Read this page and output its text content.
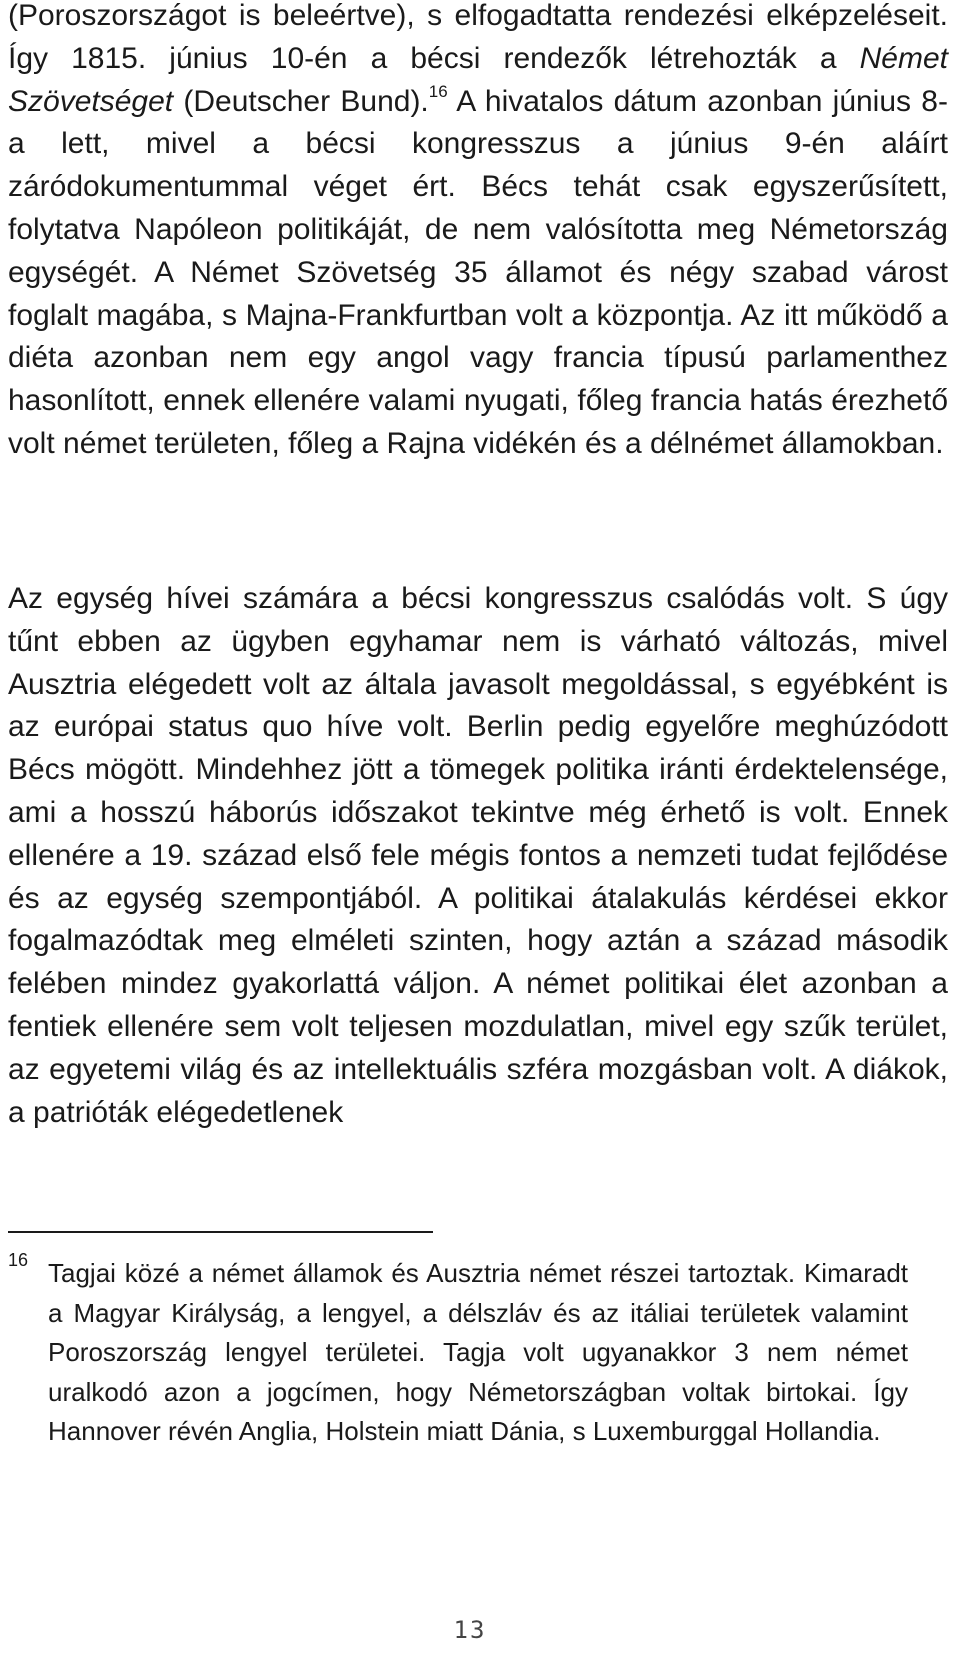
(Poroszországot is beleértve), s elfogadtatta rendezési elképzeléseit. Így 1815. június 10-én a bécsi rendezők létrehozták a Német Szövetséget (Deutscher Bund).$^{16}$ A hivatalos dátum azonban június 8-a lett, mivel a bécsi kongresszus a június 9-én aláírt záródokumentummal véget ért. Bécs tehát csak egyszerűsített, folytatva Napóleon politikáját, de nem valósította meg Németország egységét. A Német Szövetség 35 államot és négy szabad várost foglalt magába, s Majna-Frankfurtban volt a központja. Az itt működő a diéta azonban nem egy angol vagy francia típusú parlamenthez hasonlított, ennek ellenére valami nyugati, főleg francia hatás érezhető volt német területen, főleg a Rajna vidékén és a délnémet államokban.

Az egység hívei számára a bécsi kongresszus csalódás volt. S úgy tűnt ebben az ügyben egyhamar nem is várható változás, mivel Ausztria elégedett volt az általa javasolt megoldással, s egyébként is az európai status quo híve volt. Berlin pedig egyelőre meghúzódott Bécs mögött. Mindehhez jött a tömegek politika iránti érdektelensége, ami a hosszú háborús időszakot tekintve még érhető is volt. Ennek ellenére a 19. század első fele mégis fontos a nemzeti tudat fejlődése és az egység szempontjából. A politikai átalakulás kérdései ekkor fogalmazódtak meg elméleti szinten, hogy aztán a század második felében mindez gyakorlattá váljon. A német politikai élet azonban a fentiek ellenére sem volt teljesen mozdulatlan, mivel egy szűk terület, az egyetemi világ és az intellektuális szféra mozgásban volt. A diákok, a patrióták elégedetlenek

16 Tagjai közé a német államok és Ausztria német részei tartoztak. Kimaradt a Magyar Királyság, a lengyel, a délszláv és az itáliai területek valamint Poroszország lengyel területei. Tagja volt ugyanakkor 3 nem német uralkodó azon a jogcímen, hogy Németországban voltak birtokai. Így Hannover révén Anglia, Holstein miatt Dánia, s Luxemburggal Hollandia.

13
